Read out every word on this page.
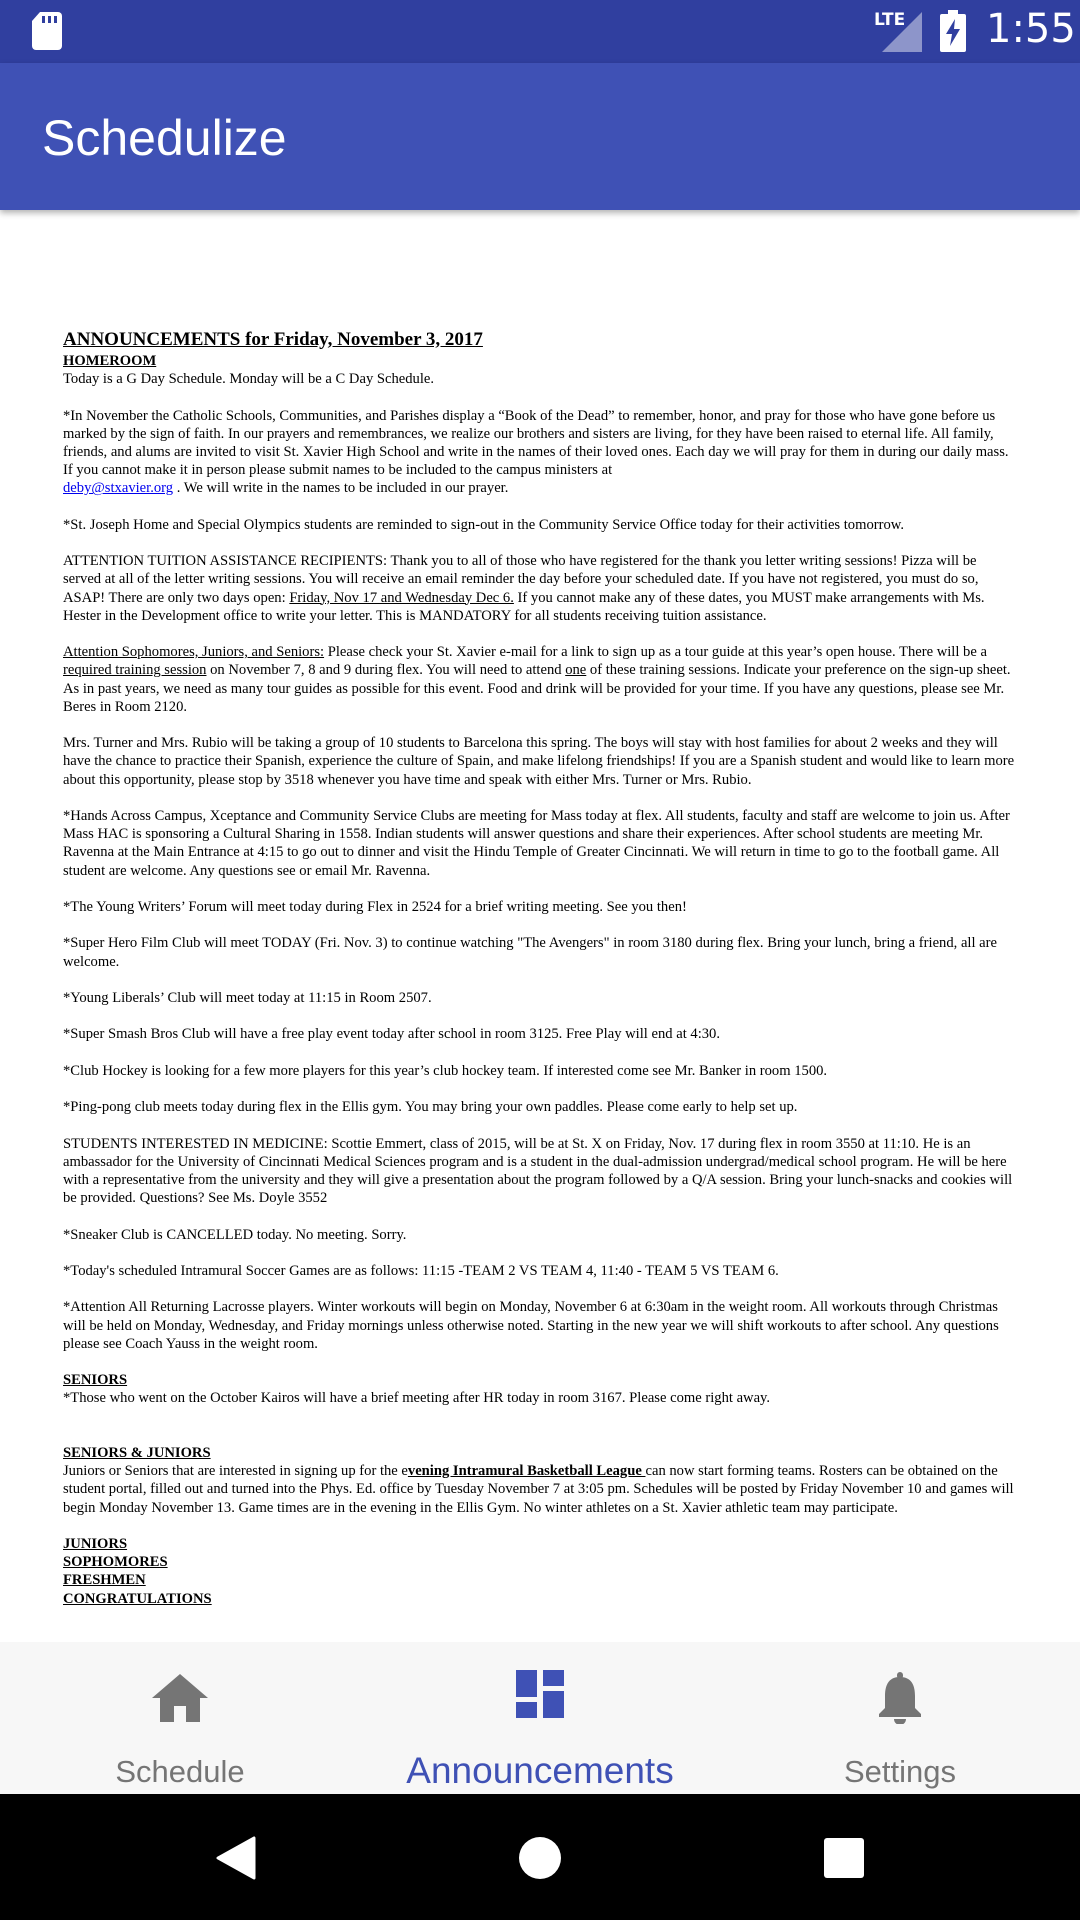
LTE 1:55
Schedulize
ANNOUNCEMENTS for Friday, November 3, 2017
HOMEROOM

Today is a G Day Schedule. Monday will be a C Day Schedule.

*In November the Catholic Schools, Communities, and Parishes display a “Book of the Dead” to remember, honor, and pray for those who have gone before us marked by the sign of faith. In our prayers and remembrances, we realize our brothers and sisters are living, for they have been raised to eternal life. All family, friends, and alums are invited to visit St. Xavier High School and write in the names of their loved ones. Each day we will pray for them in during our daily mass. If you cannot make it in person please submit names to be included to the campus ministers at
deby@stxavier.org . We will write in the names to be included in our prayer.

*St. Joseph Home and Special Olympics students are reminded to sign-out in the Community Service Office today for their activities tomorrow.

ATTENTION TUITION ASSISTANCE RECIPIENTS: Thank you to all of those who have registered for the thank you letter writing sessions! Pizza will be served at all of the letter writing sessions. You will receive an email reminder the day before your scheduled date. If you have not registered, you must do so, ASAP! There are only two days open: Friday, Nov 17 and Wednesday Dec 6. If you cannot make any of these dates, you MUST make arrangements with Ms. Hester in the Development office to write your letter. This is MANDATORY for all students receiving tuition assistance.

Attention Sophomores, Juniors, and Seniors: Please check your St. Xavier e-mail for a link to sign up as a tour guide at this year’s open house. There will be a required training session on November 7, 8 and 9 during flex. You will need to attend one of these training sessions. Indicate your preference on the sign-up sheet. As in past years, we need as many tour guides as possible for this event. Food and drink will be provided for your time. If you have any questions, please see Mr. Beres in Room 2120.

Mrs. Turner and Mrs. Rubio will be taking a group of 10 students to Barcelona this spring. The boys will stay with host families for about 2 weeks and they will have the chance to practice their Spanish, experience the culture of Spain, and make lifelong friendships! If you are a Spanish student and would like to learn more about this opportunity, please stop by 3518 whenever you have time and speak with either Mrs. Turner or Mrs. Rubio.

*Hands Across Campus, Xceptance and Community Service Clubs are meeting for Mass today at flex. All students, faculty and staff are welcome to join us. After Mass HAC is sponsoring a Cultural Sharing in 1558. Indian students will answer questions and share their experiences. After school students are meeting Mr. Ravenna at the Main Entrance at 4:15 to go out to dinner and visit the Hindu Temple of Greater Cincinnati. We will return in time to go to the football game. All student are welcome. Any questions see or email Mr. Ravenna.

*The Young Writers’ Forum will meet today during Flex in 2524 for a brief writing meeting. See you then!

*Super Hero Film Club will meet TODAY (Fri. Nov. 3) to continue watching "The Avengers" in room 3180 during flex. Bring your lunch, bring a friend, all are welcome.

*Young Liberals’ Club will meet today at 11:15 in Room 2507.

*Super Smash Bros Club will have a free play event today after school in room 3125. Free Play will end at 4:30.

*Club Hockey is looking for a few more players for this year’s club hockey team. If interested come see Mr. Banker in room 1500.

*Ping-pong club meets today during flex in the Ellis gym. You may bring your own paddles. Please come early to help set up.

STUDENTS INTERESTED IN MEDICINE: Scottie Emmert, class of 2015, will be at St. X on Friday, Nov. 17 during flex in room 3550 at 11:10. He is an ambassador for the University of Cincinnati Medical Sciences program and is a student in the dual-admission undergrad/medical school program. He will be here with a representative from the university and they will give a presentation about the program followed by a Q/A session. Bring your lunch-snacks and cookies will be provided. Questions? See Ms. Doyle 3552

*Sneaker Club is CANCELLED today. No meeting. Sorry.

*Today's scheduled Intramural Soccer Games are as follows: 11:15 -TEAM 2 VS TEAM 4, 11:40 - TEAM 5 VS TEAM 6.

*Attention All Returning Lacrosse players. Winter workouts will begin on Monday, November 6 at 6:30am in the weight room. All workouts through Christmas will be held on Monday, Wednesday, and Friday mornings unless otherwise noted. Starting in the new year we will shift workouts to after school. Any questions please see Coach Yauss in the weight room.

SENIORS

*Those who went on the October Kairos will have a brief meeting after HR today in room 3167. Please come right away.

SENIORS & JUNIORS

Juniors or Seniors that are interested in signing up for the evening Intramural Basketball League can now start forming teams. Rosters can be obtained on the student portal, filled out and turned into the Phys. Ed. office by Tuesday November 7 at 3:05 pm. Schedules will be posted by Friday November 10 and games will begin Monday November 13. Game times are in the evening in the Ellis Gym. No winter athletes on a St. Xavier athletic team may participate.

JUNIORS
SOPHOMORES
FRESHMEN
CONGRATULATIONS
Schedule	Announcements	Settings
